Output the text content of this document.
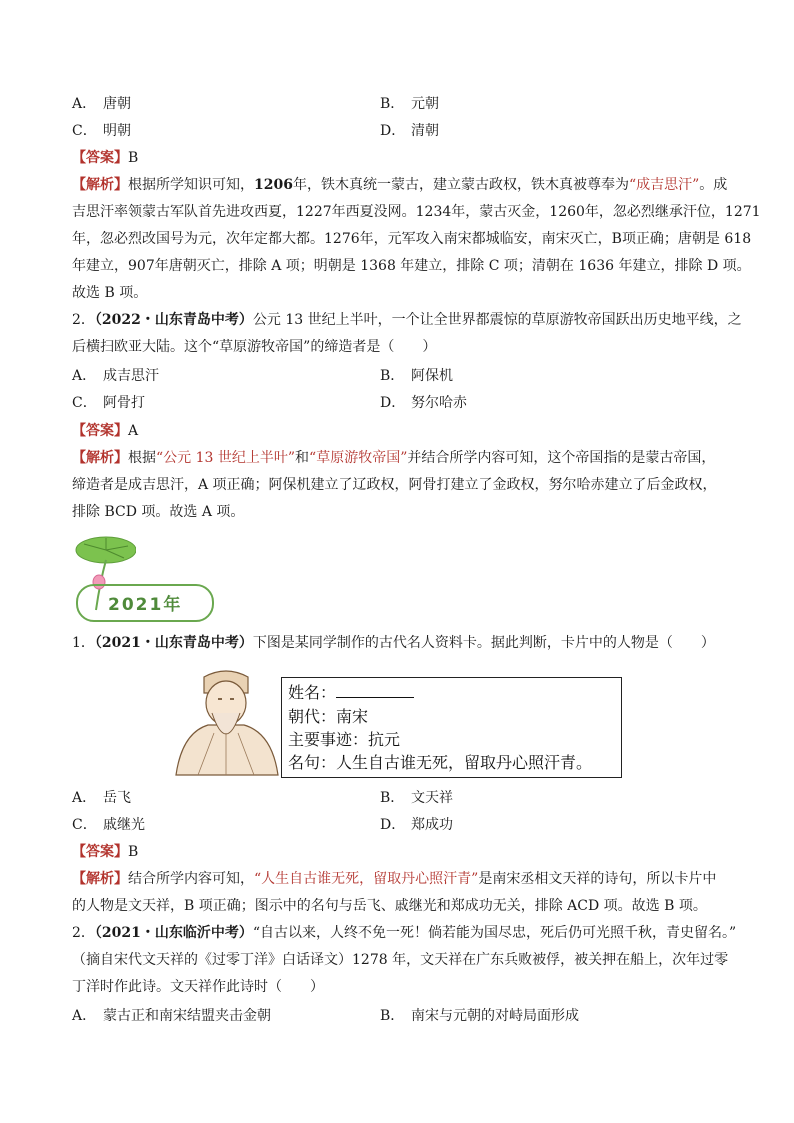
A． 唐朝	B． 元朝
C． 明朝	D． 清朝
【答案】B
【解析】根据所学知识可知，1206年，铁木真统一蒙古，建立蒙古政权，铁木真被尊奉为“成吉思汗”。成
吉思汗率领蒙古军队首先进攻西夏，1227年西夏没网。1234年，蒙古灭金，1260年，忽必烈继承汗位，1271
年，忽必烈改国号为元，次年定都大都。1276年，元军攻入南宋都城临安，南宋灭亡，B项正确；唐朝是 618
年建立，907年唐朝灭亡，排除 A 项；明朝是 1368 年建立，排除 C 项；清朝在 1636 年建立，排除 D 项。
故选 B 项。
2．（2022・山东青岛中考）公元 13 世纪上半叶，一个让全世界都震惊的草原游牧帝国跃出历史地平线，之
后横扫欧亚大陆。这个“草原游牧帝国”的缔造者是（　　）
A． 成吉思汗	B． 阿保机
C． 阿骨打	D． 努尔哈赤
【答案】A
【解析】根据“公元 13 世纪上半叶”和“草原游牧帝国”并结合所学内容可知，这个帝国指的是蒙古帝国，
缔造者是成吉思汗，A 项正确；阿保机建立了辽政权，阿骨打建立了金政权，努尔哈赤建立了后金政权，
排除 BCD 项。故选 A 项。
2021年
1．（2021・山东青岛中考）下图是某同学制作的古代名人资料卡。据此判断，卡片中的人物是（　　）
姓名：
朝代：南宋
主要事迹：抗元
名句：人生自古谁无死，留取丹心照汗青。
A． 岳飞	B． 文天祥
C． 戚继光	D． 郑成功
【答案】B
【解析】结合所学内容可知，“人生自古谁无死，留取丹心照汗青”是南宋丞相文天祥的诗句，所以卡片中
的人物是文天祥，B 项正确；图示中的名句与岳飞、戚继光和郑成功无关，排除 ACD 项。故选 B 项。
2．（2021・山东临沂中考）“自古以来，人终不免一死！倘若能为国尽忠，死后仍可光照千秋，青史留名。”
（摘自宋代文天祥的《过零丁洋》白话译文）1278 年，文天祥在广东兵败被俘，被关押在船上，次年过零
丁洋时作此诗。文天祥作此诗时（　　）
A． 蒙古正和南宋结盟夹击金朝	B． 南宋与元朝的对峙局面形成
